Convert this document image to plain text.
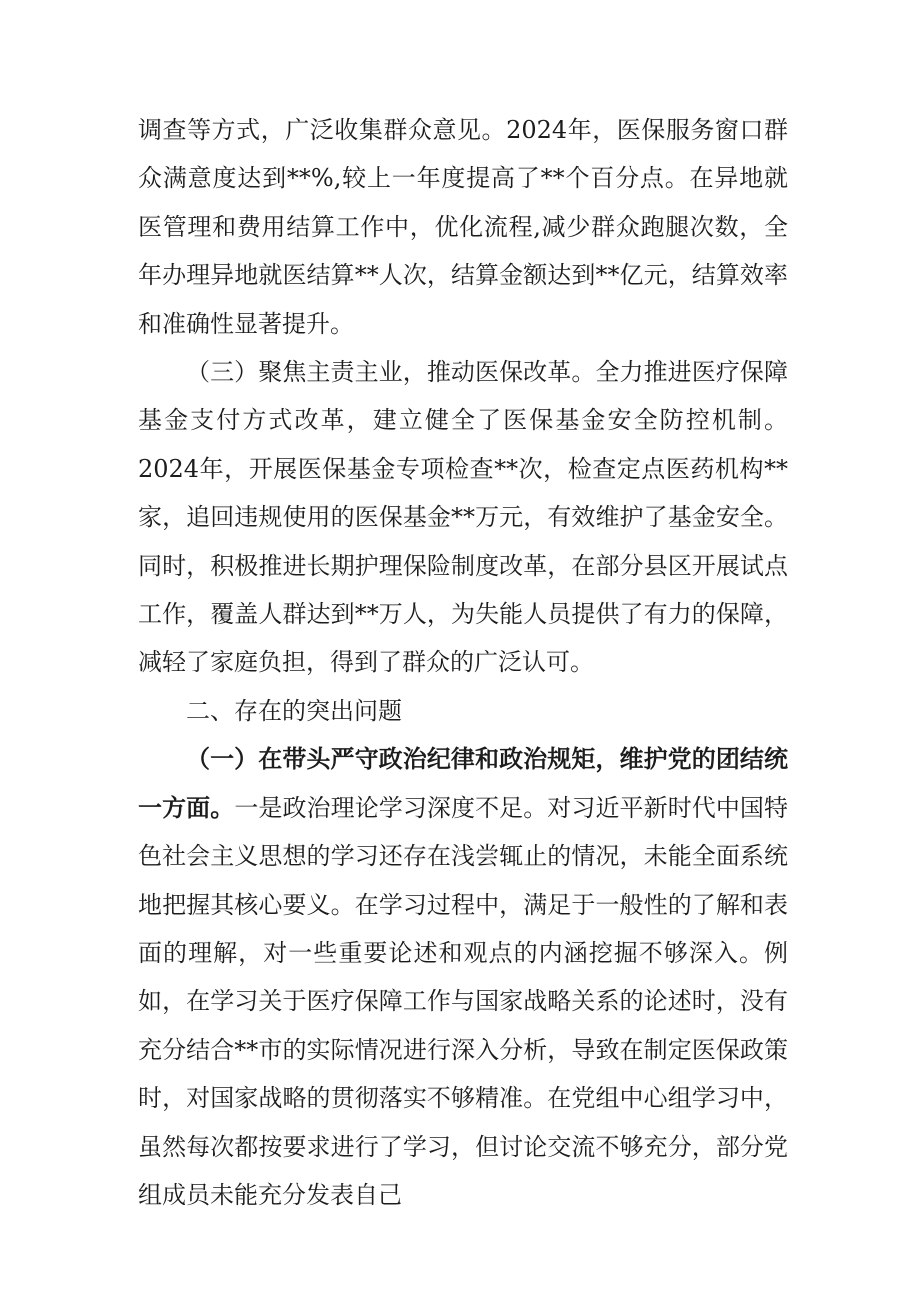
调查等方式，广泛收集群众意见。2024年，医保服务窗口群众满意度达到**%,较上一年度提高了**个百分点。在异地就医管理和费用结算工作中，优化流程,减少群众跑腿次数，全年办理异地就医结算**人次，结算金额达到**亿元，结算效率和准确性显著提升。

（三）聚焦主责主业，推动医保改革。全力推进医疗保障基金支付方式改革，建立健全了医保基金安全防控机制。2024年，开展医保基金专项检查**次，检查定点医药机构**家，追回违规使用的医保基金**万元，有效维护了基金安全。同时，积极推进长期护理保险制度改革，在部分县区开展试点工作，覆盖人群达到**万人，为失能人员提供了有力的保障，减轻了家庭负担，得到了群众的广泛认可。

二、存在的突出问题

（一）在带头严守政治纪律和政治规矩，维护党的团结统一方面。一是政治理论学习深度不足。对习近平新时代中国特色社会主义思想的学习还存在浅尝辄止的情况，未能全面系统地把握其核心要义。在学习过程中，满足于一般性的了解和表面的理解，对一些重要论述和观点的内涵挖掘不够深入。例如，在学习关于医疗保障工作与国家战略关系的论述时，没有充分结合**市的实际情况进行深入分析，导致在制定医保政策时，对国家战略的贯彻落实不够精准。在党组中心组学习中，虽然每次都按要求进行了学习，但讨论交流不够充分，部分党组成员未能充分发表自己
